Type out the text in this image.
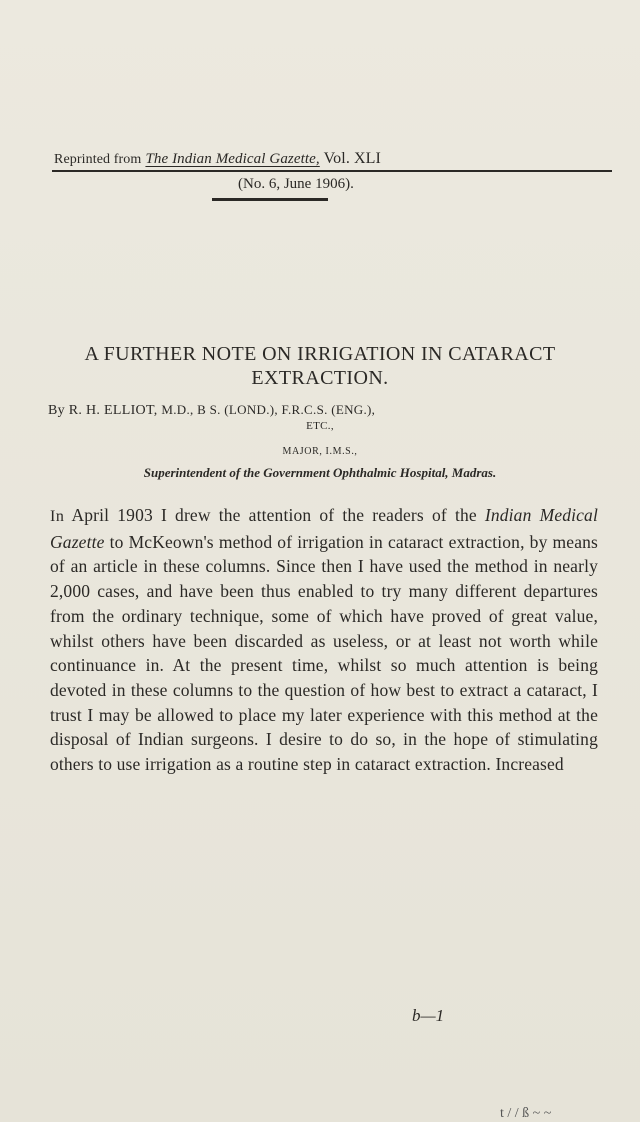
Reprinted from The Indian Medical Gazette, Vol. XLI
(No. 6, June 1906).
A FURTHER NOTE ON IRRIGATION IN CATARACT EXTRACTION.
By R. H. ELLIOT, M.D., B S. (LOND.), F.R.C.S. (ENG.),
ETC.,
MAJOR, I.M.S.,
Superintendent of the Government Ophthalmic Hospital, Madras.
In April 1903 I drew the attention of the readers of the Indian Medical Gazette to McKeown's method of irrigation in cataract extraction, by means of an article in these columns. Since then I have used the method in nearly 2,000 cases, and have been thus enabled to try many different departures from the ordinary technique, some of which have proved of great value, whilst others have been discarded as useless, or at least not worth while continuance in. At the present time, whilst so much attention is being devoted in these columns to the question of how best to extract a cataract, I trust I may be allowed to place my later experience with this method at the disposal of Indian surgeons. I desire to do so, in the hope of stimulating others to use irrigation as a routine step in cataract extraction. Increased
b—1
t / / ß ~ ~
